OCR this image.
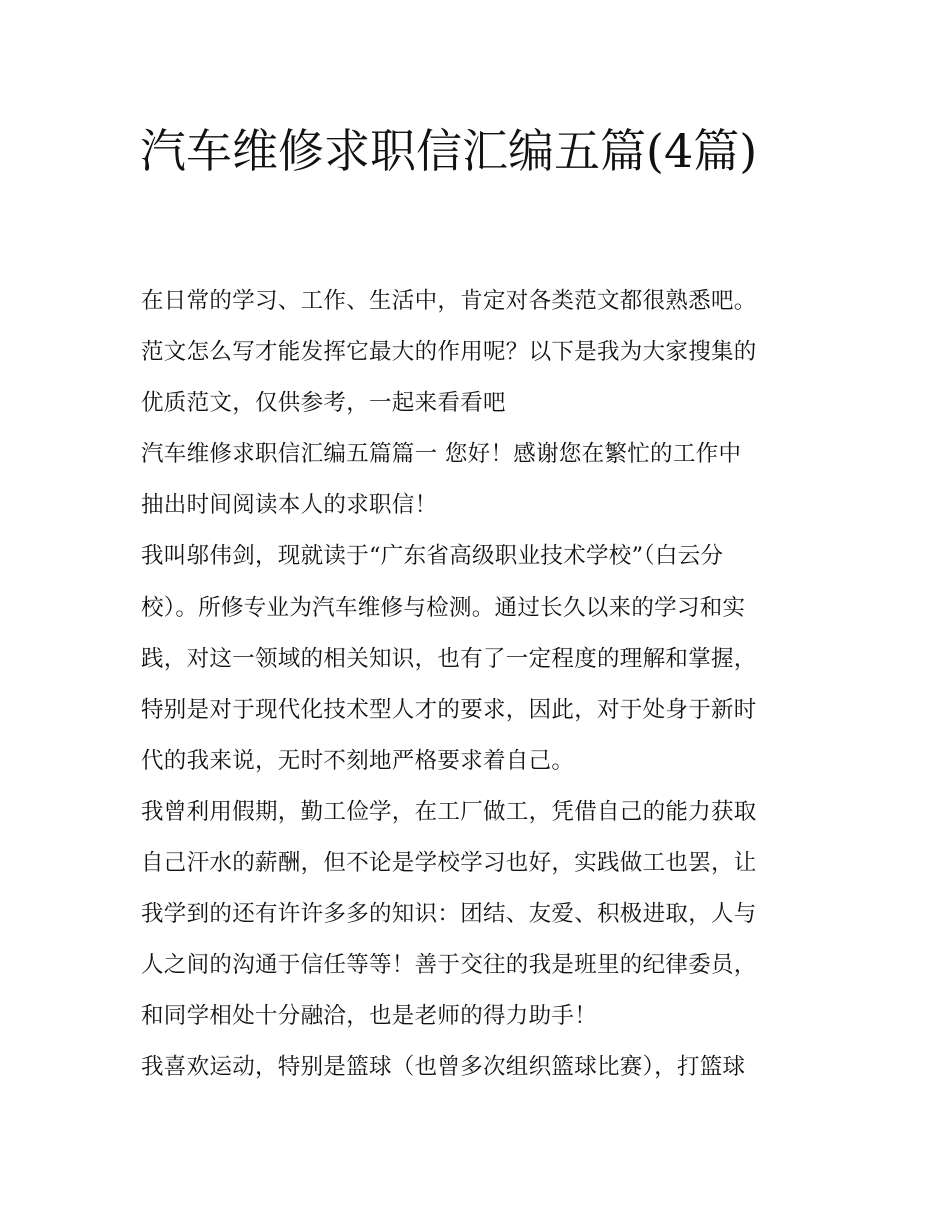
汽车维修求职信汇编五篇(4篇)
在日常的学习、工作、生活中，肯定对各类范文都很熟悉吧。
范文怎么写才能发挥它最大的作用呢？以下是我为大家搜集的
优质范文，仅供参考，一起来看看吧
汽车维修求职信汇编五篇篇一 您好！感谢您在繁忙的工作中
抽出时间阅读本人的求职信！
我叫邬伟剑，现就读于“广东省高级职业技术学校”（白云分
校）。所修专业为汽车维修与检测。通过长久以来的学习和实
践，对这一领域的相关知识，也有了一定程度的理解和掌握，
特别是对于现代化技术型人才的要求，因此，对于处身于新时
代的我来说，无时不刻地严格要求着自己。
我曾利用假期，勤工俭学，在工厂做工，凭借自己的能力获取
自己汗水的薪酬，但不论是学校学习也好，实践做工也罢，让
我学到的还有许许多多的知识：团结、友爱、积极进取，人与
人之间的沟通于信任等等！善于交往的我是班里的纪律委员，
和同学相处十分融洽，也是老师的得力助手！
我喜欢运动，特别是篮球（也曾多次组织篮球比赛），打篮球
